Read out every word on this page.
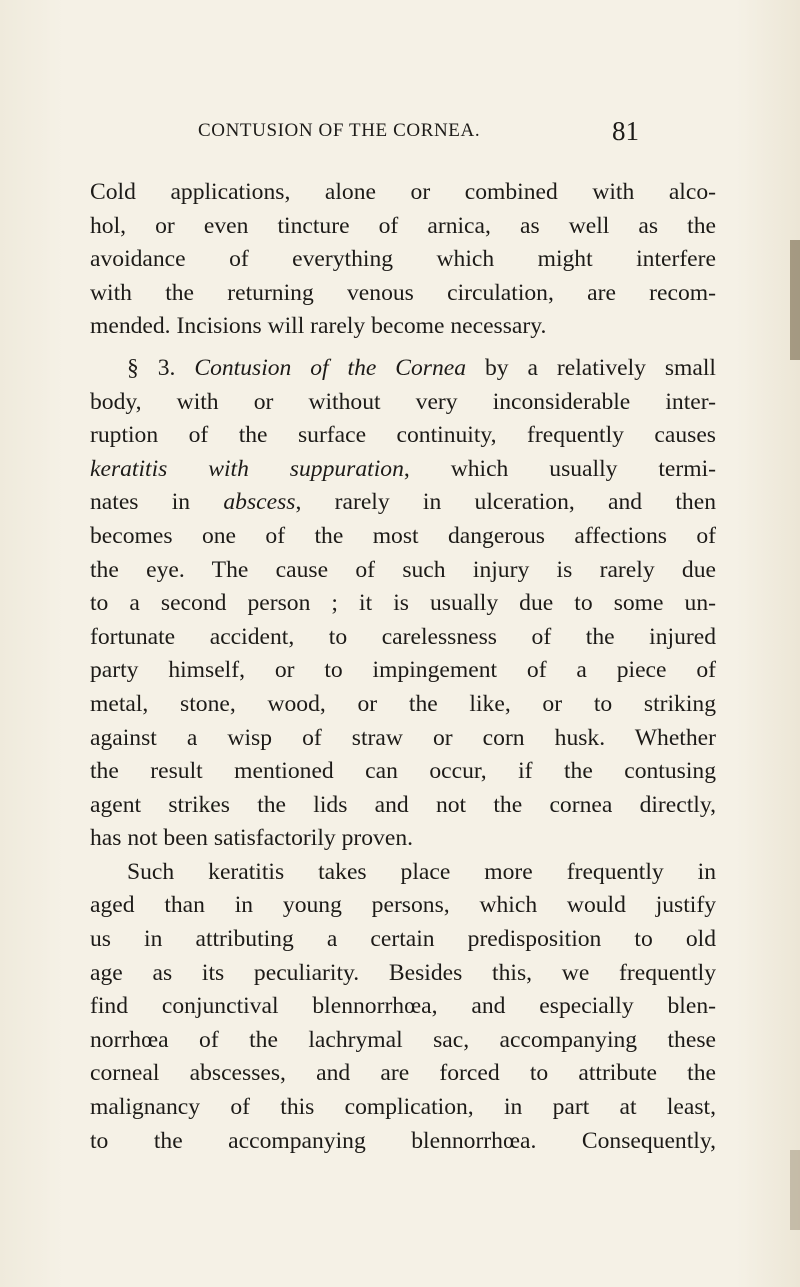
CONTUSION OF THE CORNEA.	81
Cold applications, alone or combined with alco-
hol, or even tincture of arnica, as well as the
avoidance of everything which might interfere
with the returning venous circulation, are recom-
mended. Incisions will rarely become necessary.
§ 3. Contusion of the Cornea by a relatively small
body, with or without very inconsiderable inter-
ruption of the surface continuity, frequently causes
keratitis with suppuration, which usually termi-
nates in abscess, rarely in ulceration, and then
becomes one of the most dangerous affections of
the eye. The cause of such injury is rarely due
to a second person ; it is usually due to some un-
fortunate accident, to carelessness of the injured
party himself, or to impingement of a piece of
metal, stone, wood, or the like, or to striking
against a wisp of straw or corn husk. Whether
the result mentioned can occur, if the contusing
agent strikes the lids and not the cornea directly,
has not been satisfactorily proven.
Such keratitis takes place more frequently in
aged than in young persons, which would justify
us in attributing a certain predisposition to old
age as its peculiarity. Besides this, we frequently
find conjunctival blennorrhœa, and especially blen-
norrhœa of the lachrymal sac, accompanying these
corneal abscesses, and are forced to attribute the
malignancy of this complication, in part at least,
to the accompanying blennorrhœa. Consequently,
